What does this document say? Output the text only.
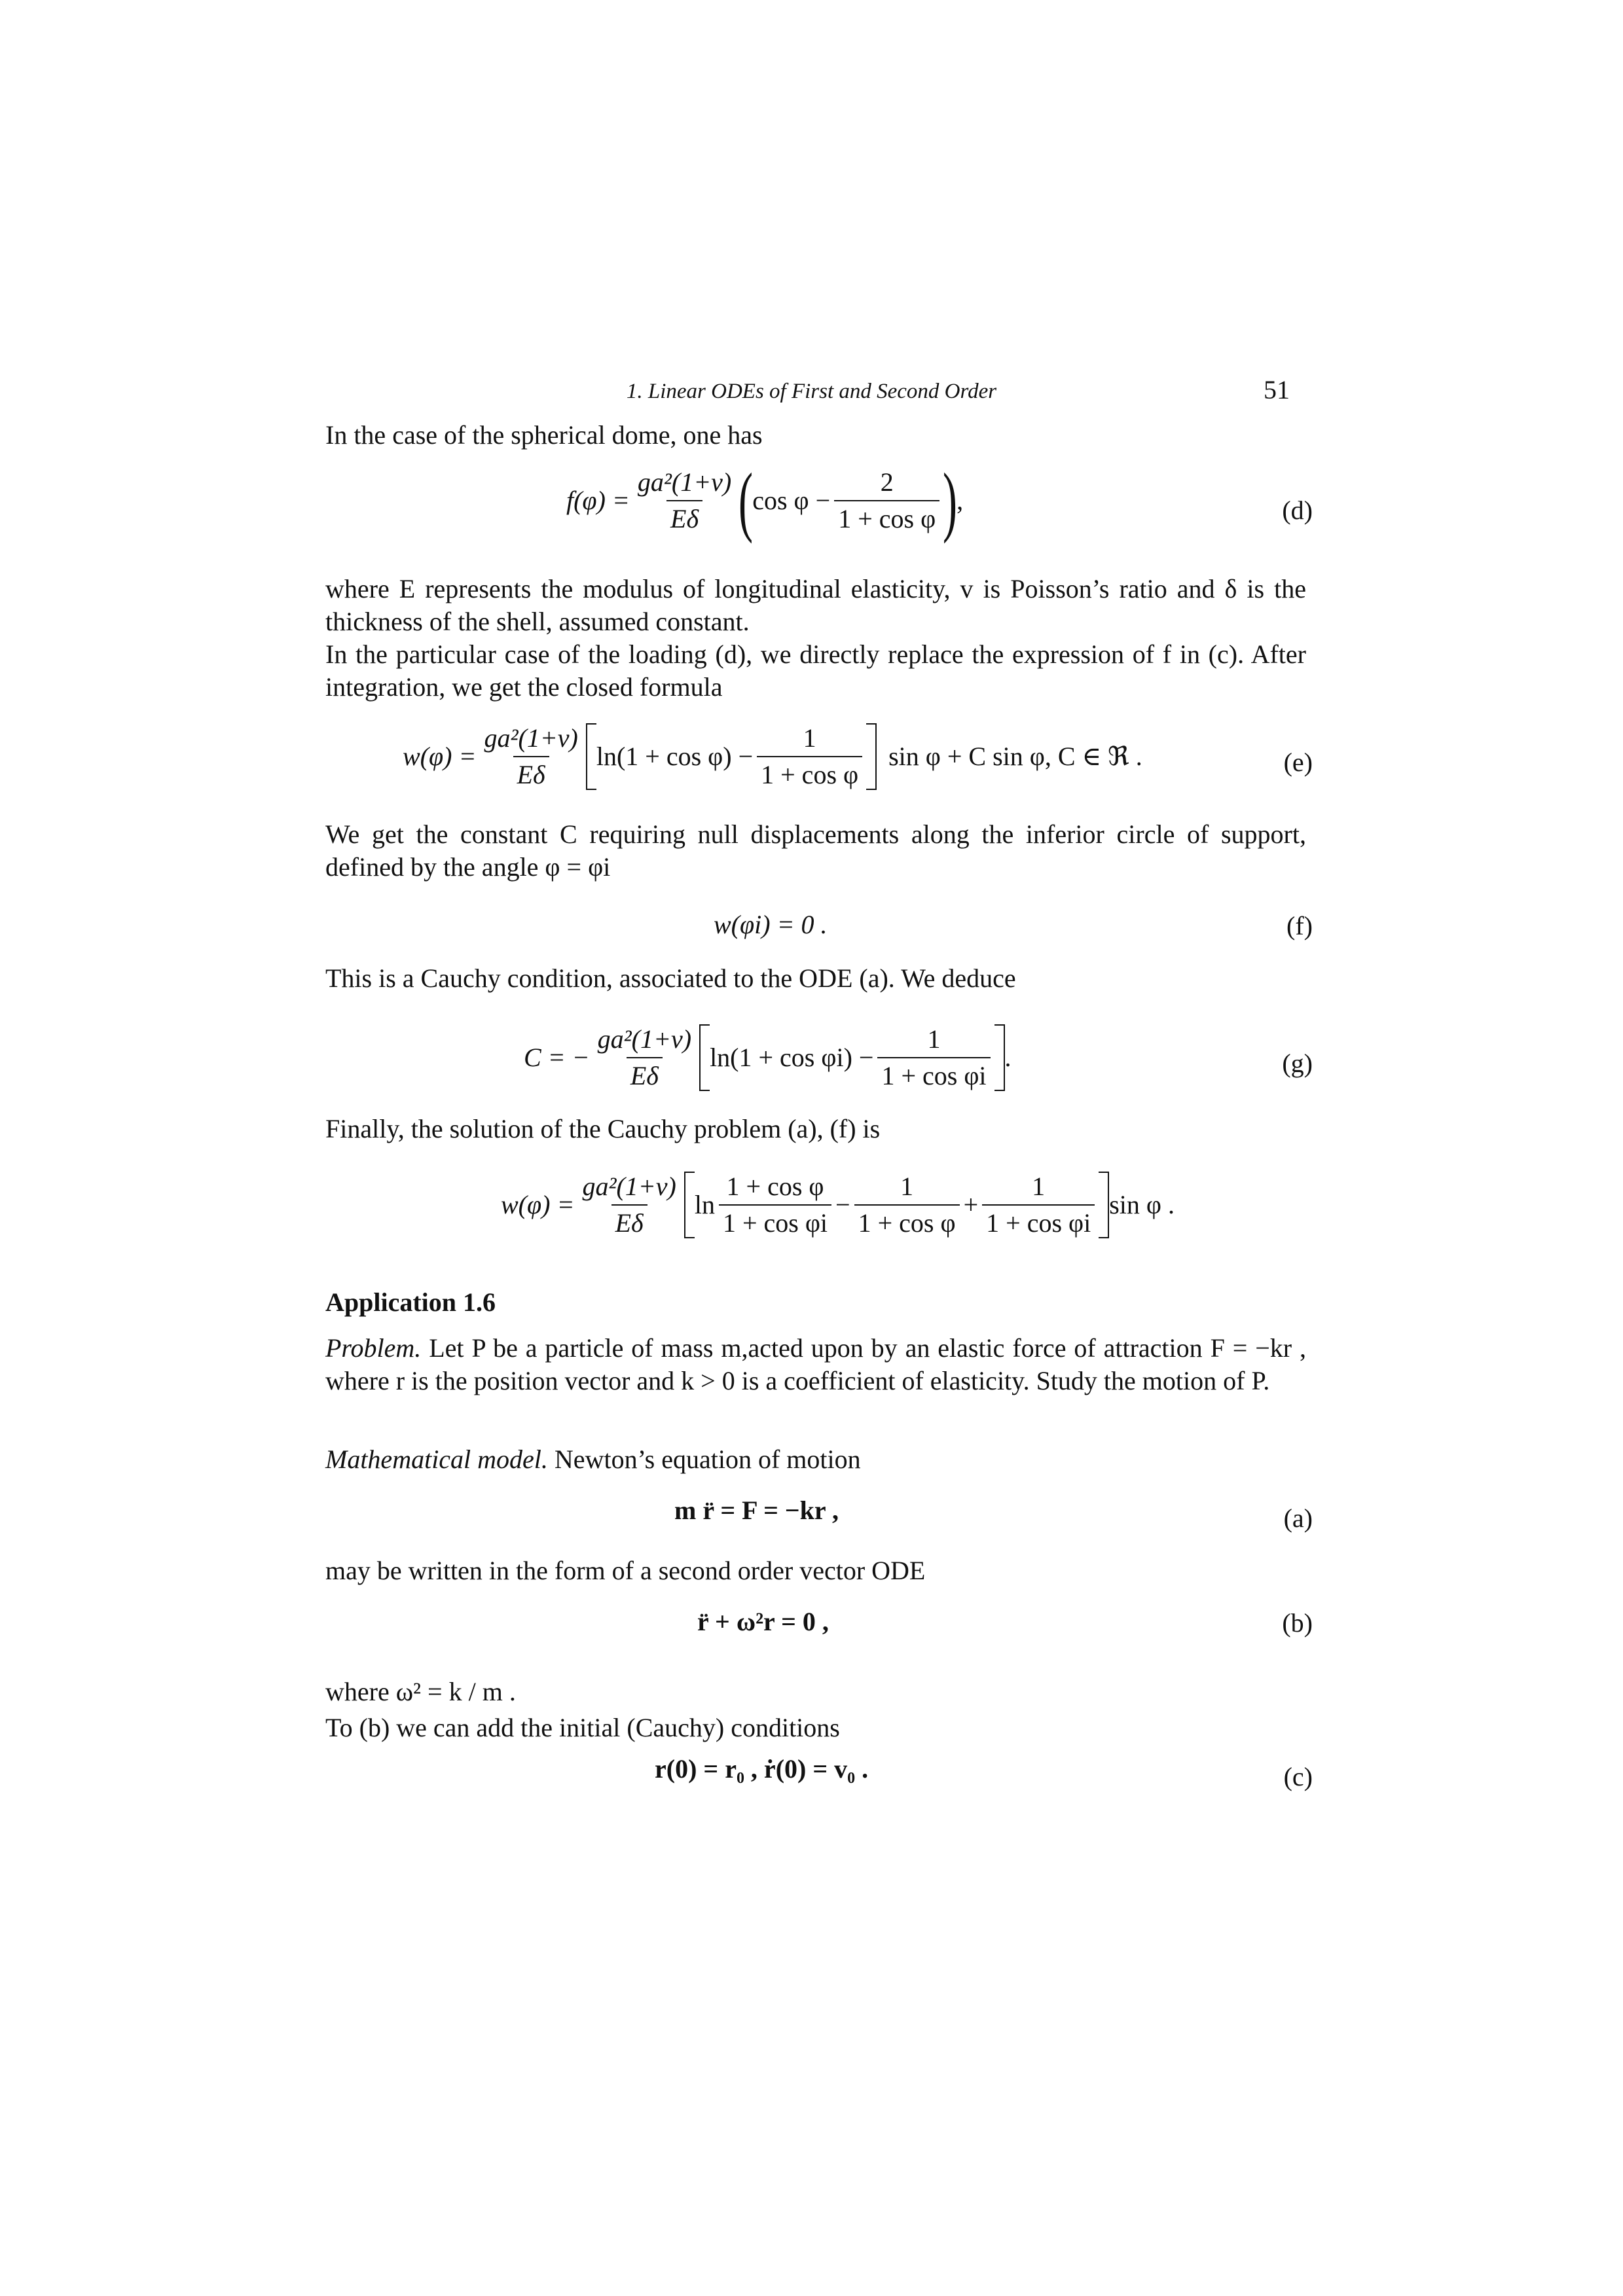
1. Linear ODEs of First and Second Order	51
In the case of the spherical dome, one has
$f(\varphi) = \frac{\text{ga²(1+ν)}}{E\delta}$ (
$\cos \varphi - \frac{2}{\text{1 + cos φ}}$ )
,	(d)
where E represents the modulus of longitudinal elasticity, v is Poisson’s ratio and δ is the thickness of the shell, assumed constant.
In the particular case of the loading (d), we directly replace the expression of f in (c). After integration, we get the closed formula
$w(\varphi) = \frac{\text{ga²(1+ν)}}{E\delta} \ln(1 + \cos \varphi) - \frac{1}{\text{1 + cos φ}}$ sin φ + C sin φ, C ∈ ℜ .	(e)
We get the constant C requiring null displacements along the inferior circle of support, defined by the angle φ = φi
w(φi) = 0 .	(f)
This is a Cauchy condition, associated to the ODE (a). We deduce
C = − $\frac{\text{ga²(1+ν)}}{E\delta} \ln(1 + \cos \varphi i) - \frac{1}{\text{1 + cos φi}}$ .	(g)
Finally, the solution of the Cauchy problem (a), (f) is
$w(\varphi) = \frac{\text{ga²(1+ν)}}{E\delta}$ $\ln \frac{\text{1 + cos φ}}{\text{1 + cos φi}} - \frac{1}{\text{1 + cos φ}} + \frac{1}{\text{1 + cos φi}}$ sin φ .
Application 1.6
Problem. Let P be a particle of mass m,acted upon by an elastic force of attraction F = −kr , where r is the position vector and k > 0 is a coefficient of elasticity. Study the motion of P.
Mathematical model. Newton’s equation of motion
m r̈ = F = −kr ,	(a)
may be written in the form of a second order vector ODE
r̈ + ω²r = 0 ,	(b)
where ω² = k / m .
To (b) we can add the initial (Cauchy) conditions
r(0) = r₀ , ṙ(0) = v₀ .	(c)
